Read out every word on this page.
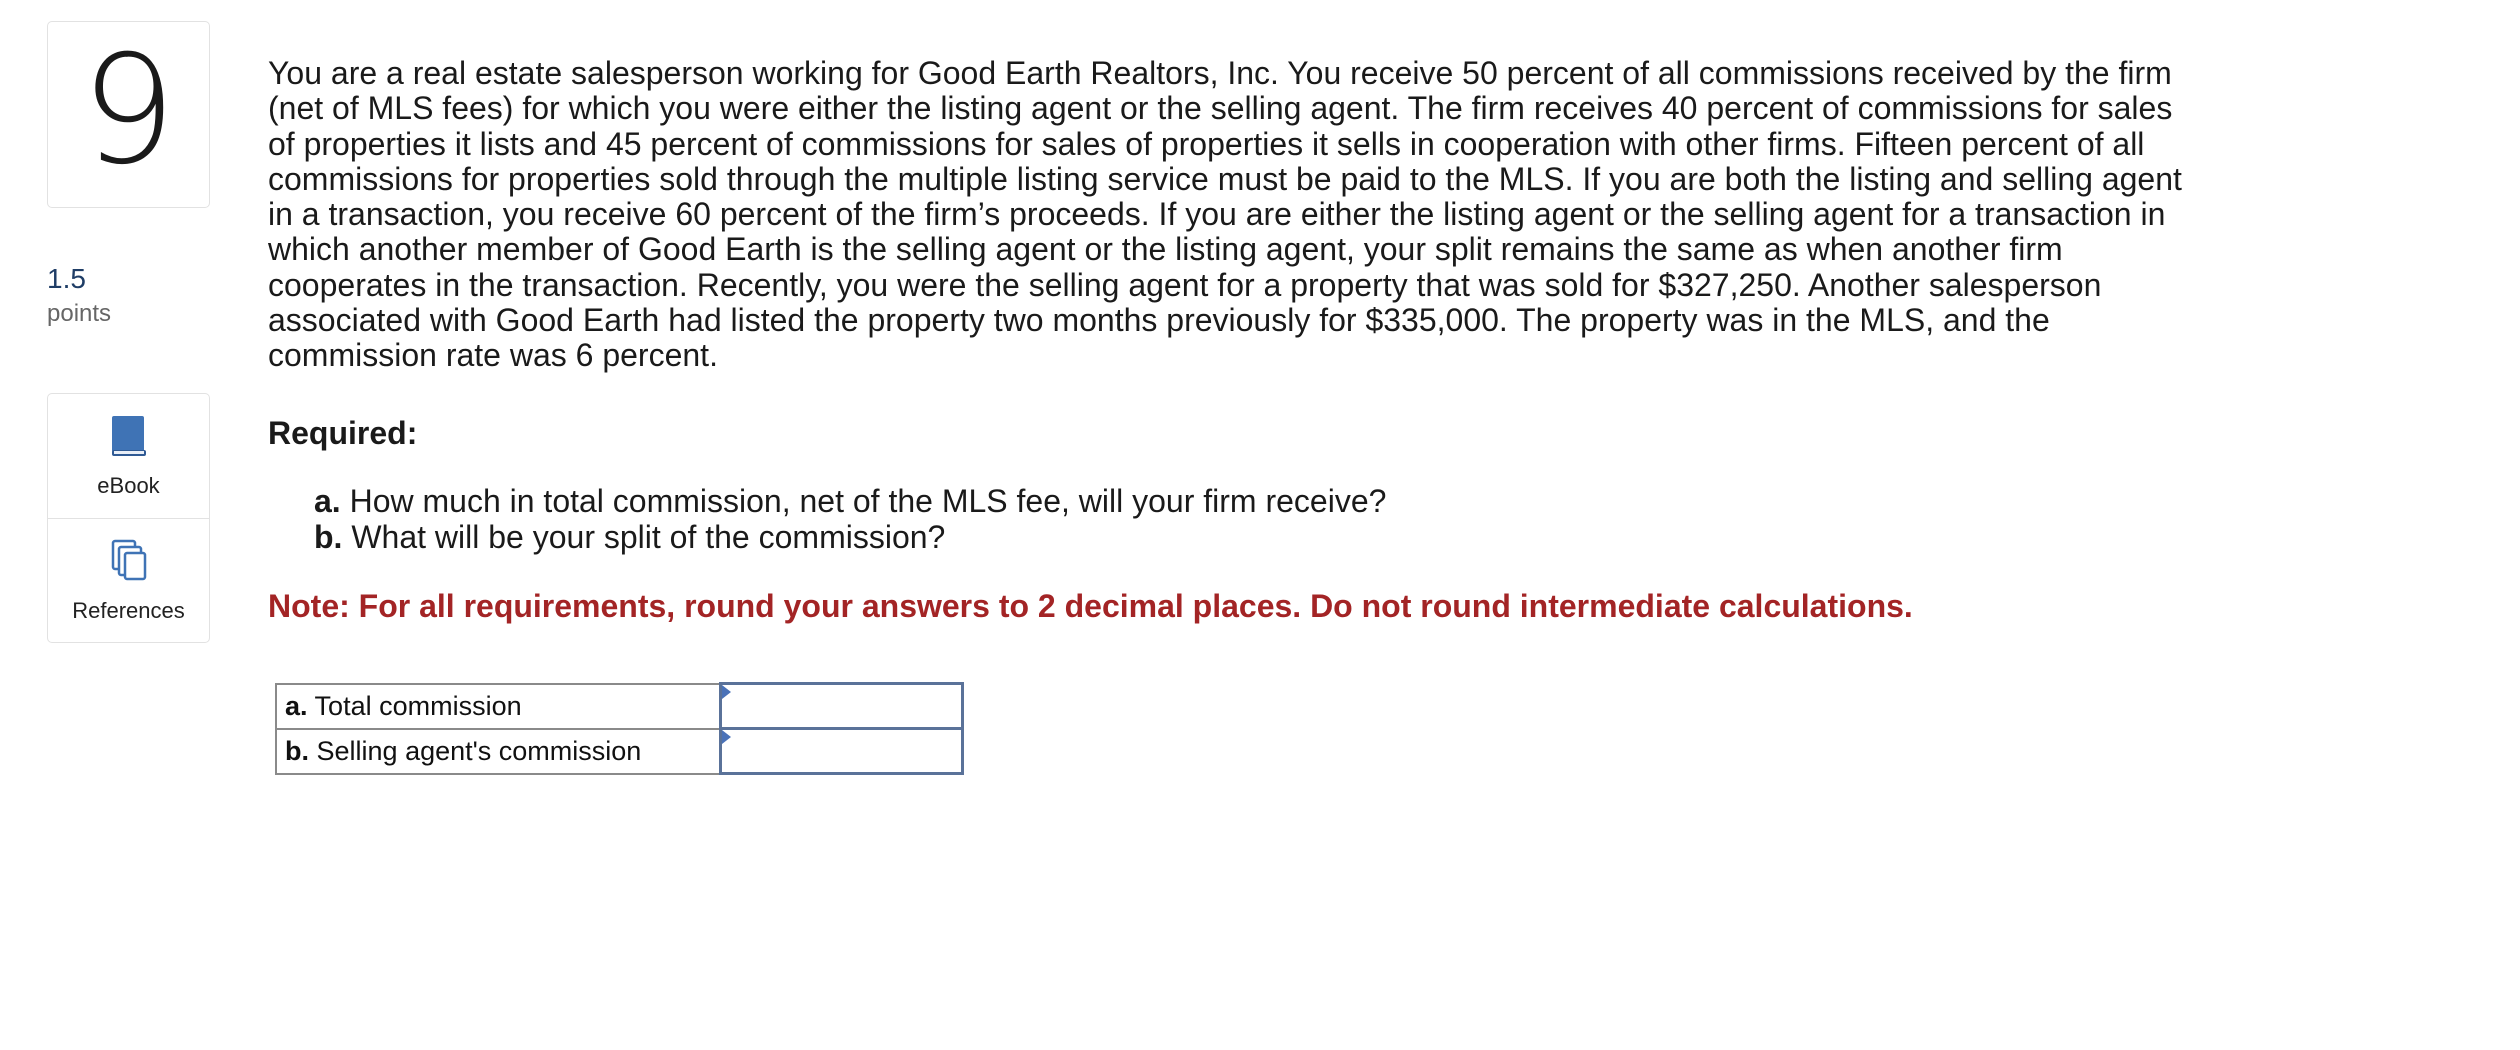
9
1.5
points
eBook
References
You are a real estate salesperson working for Good Earth Realtors, Inc. You receive 50 percent of all commissions received by the firm (net of MLS fees) for which you were either the listing agent or the selling agent. The firm receives 40 percent of commissions for sales of properties it lists and 45 percent of commissions for sales of properties it sells in cooperation with other firms. Fifteen percent of all commissions for properties sold through the multiple listing service must be paid to the MLS. If you are both the listing and selling agent in a transaction, you receive 60 percent of the firm’s proceeds. If you are either the listing agent or the selling agent for a transaction in which another member of Good Earth is the selling agent or the listing agent, your split remains the same as when another firm cooperates in the transaction. Recently, you were the selling agent for a property that was sold for $327,250. Another salesperson associated with Good Earth had listed the property two months previously for $335,000. The property was in the MLS, and the commission rate was 6 percent.
Required:
a. How much in total commission, net of the MLS fee, will your firm receive?
b. What will be your split of the commission?
Note: For all requirements, round your answers to 2 decimal places. Do not round intermediate calculations.
a. Total commission	

b. Selling agent's commission	
